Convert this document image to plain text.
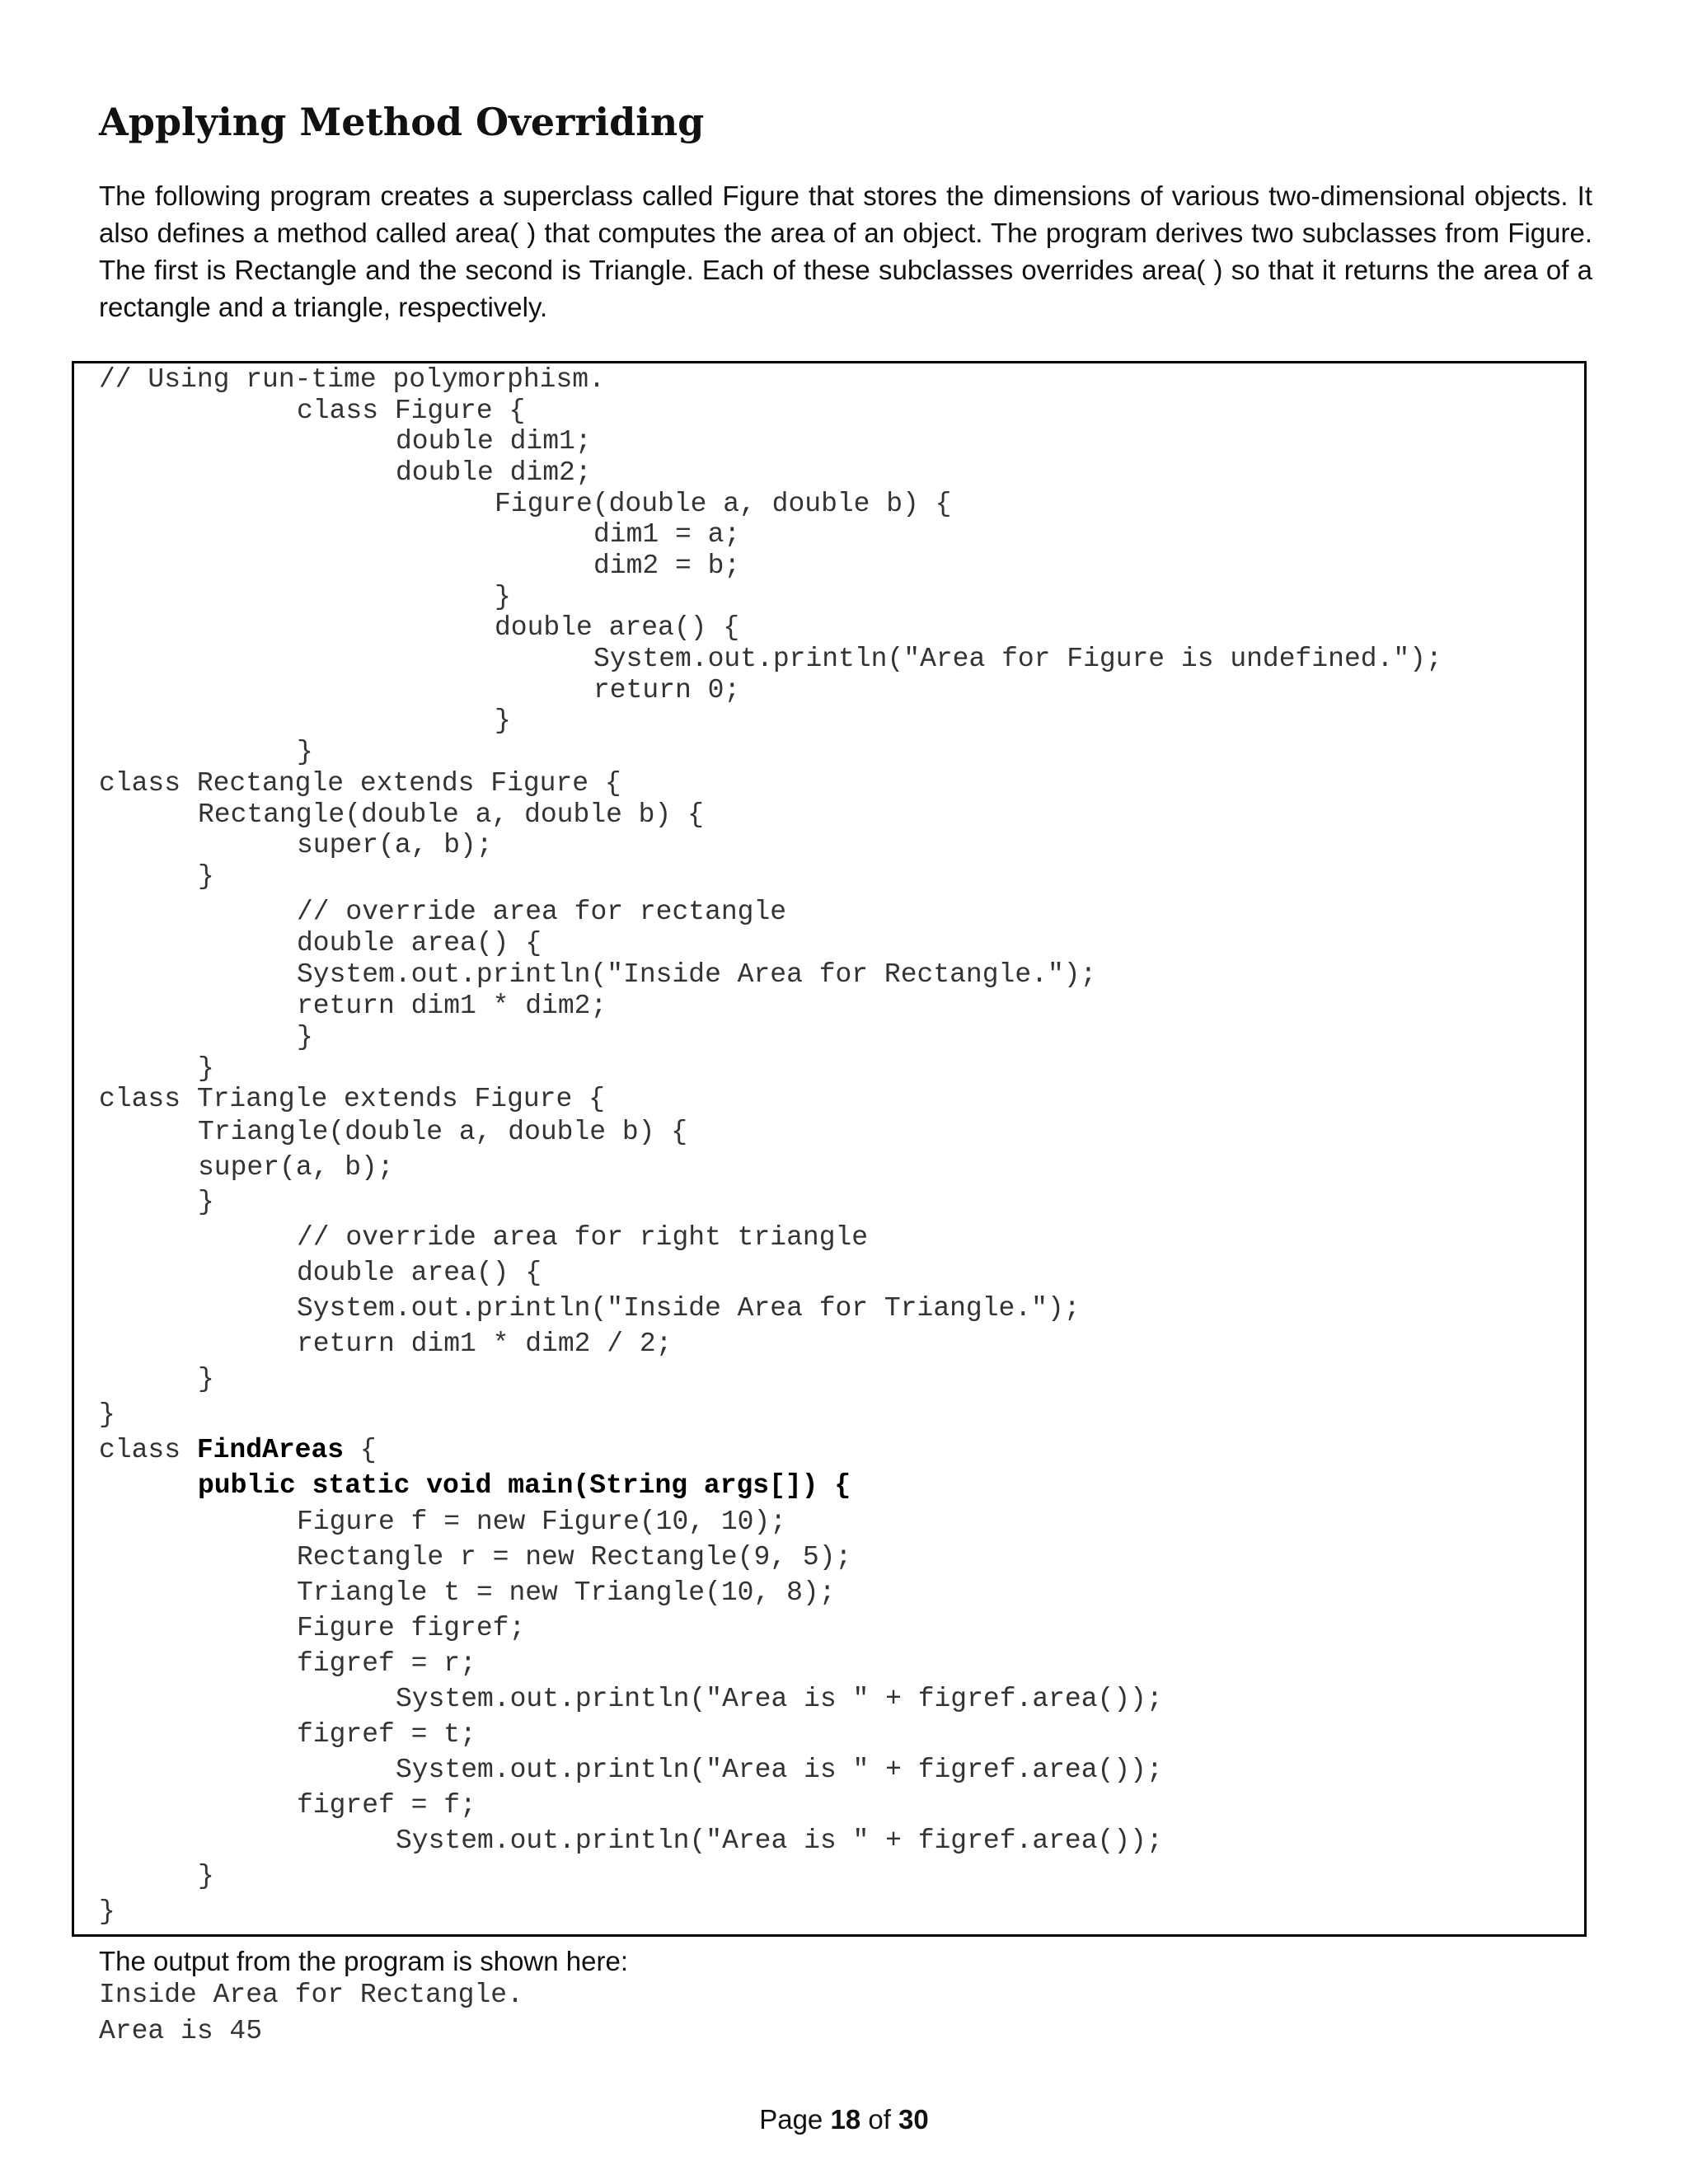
Applying Method Overriding

The following program creates a superclass called Figure that stores the dimensions of various two-dimensional objects. It also defines a method called area( ) that computes the area of an object. The program derives two subclasses from Figure. The first is Rectangle and the second is Triangle. Each of these subclasses overrides area( ) so that it returns the area of a rectangle and a triangle, respectively.

// Using run-time polymorphism.
class Figure {
double dim1;
double dim2;
Figure(double a, double b) {
dim1 = a;
dim2 = b;
}
double area() {
System.out.println("Area for Figure is undefined.");
return 0;
}
}
class Rectangle extends Figure {
Rectangle(double a, double b) {
super(a, b);
}
// override area for rectangle
double area() {
System.out.println("Inside Area for Rectangle.");
return dim1 * dim2;
}
}
class Triangle extends Figure {
Triangle(double a, double b) {
super(a, b);
}
// override area for right triangle
double area() {
System.out.println("Inside Area for Triangle.");
return dim1 * dim2 / 2;
}
}
class FindAreas {
public static void main(String args[]) {
Figure f = new Figure(10, 10);
Rectangle r = new Rectangle(9, 5);
Triangle t = new Triangle(10, 8);
Figure figref;
figref = r;
System.out.println("Area is " + figref.area());
figref = t;
System.out.println("Area is " + figref.area());
figref = f;
System.out.println("Area is " + figref.area());
}
}

The output from the program is shown here:

Inside Area for Rectangle.
Area is 45
Page 18 of 30
